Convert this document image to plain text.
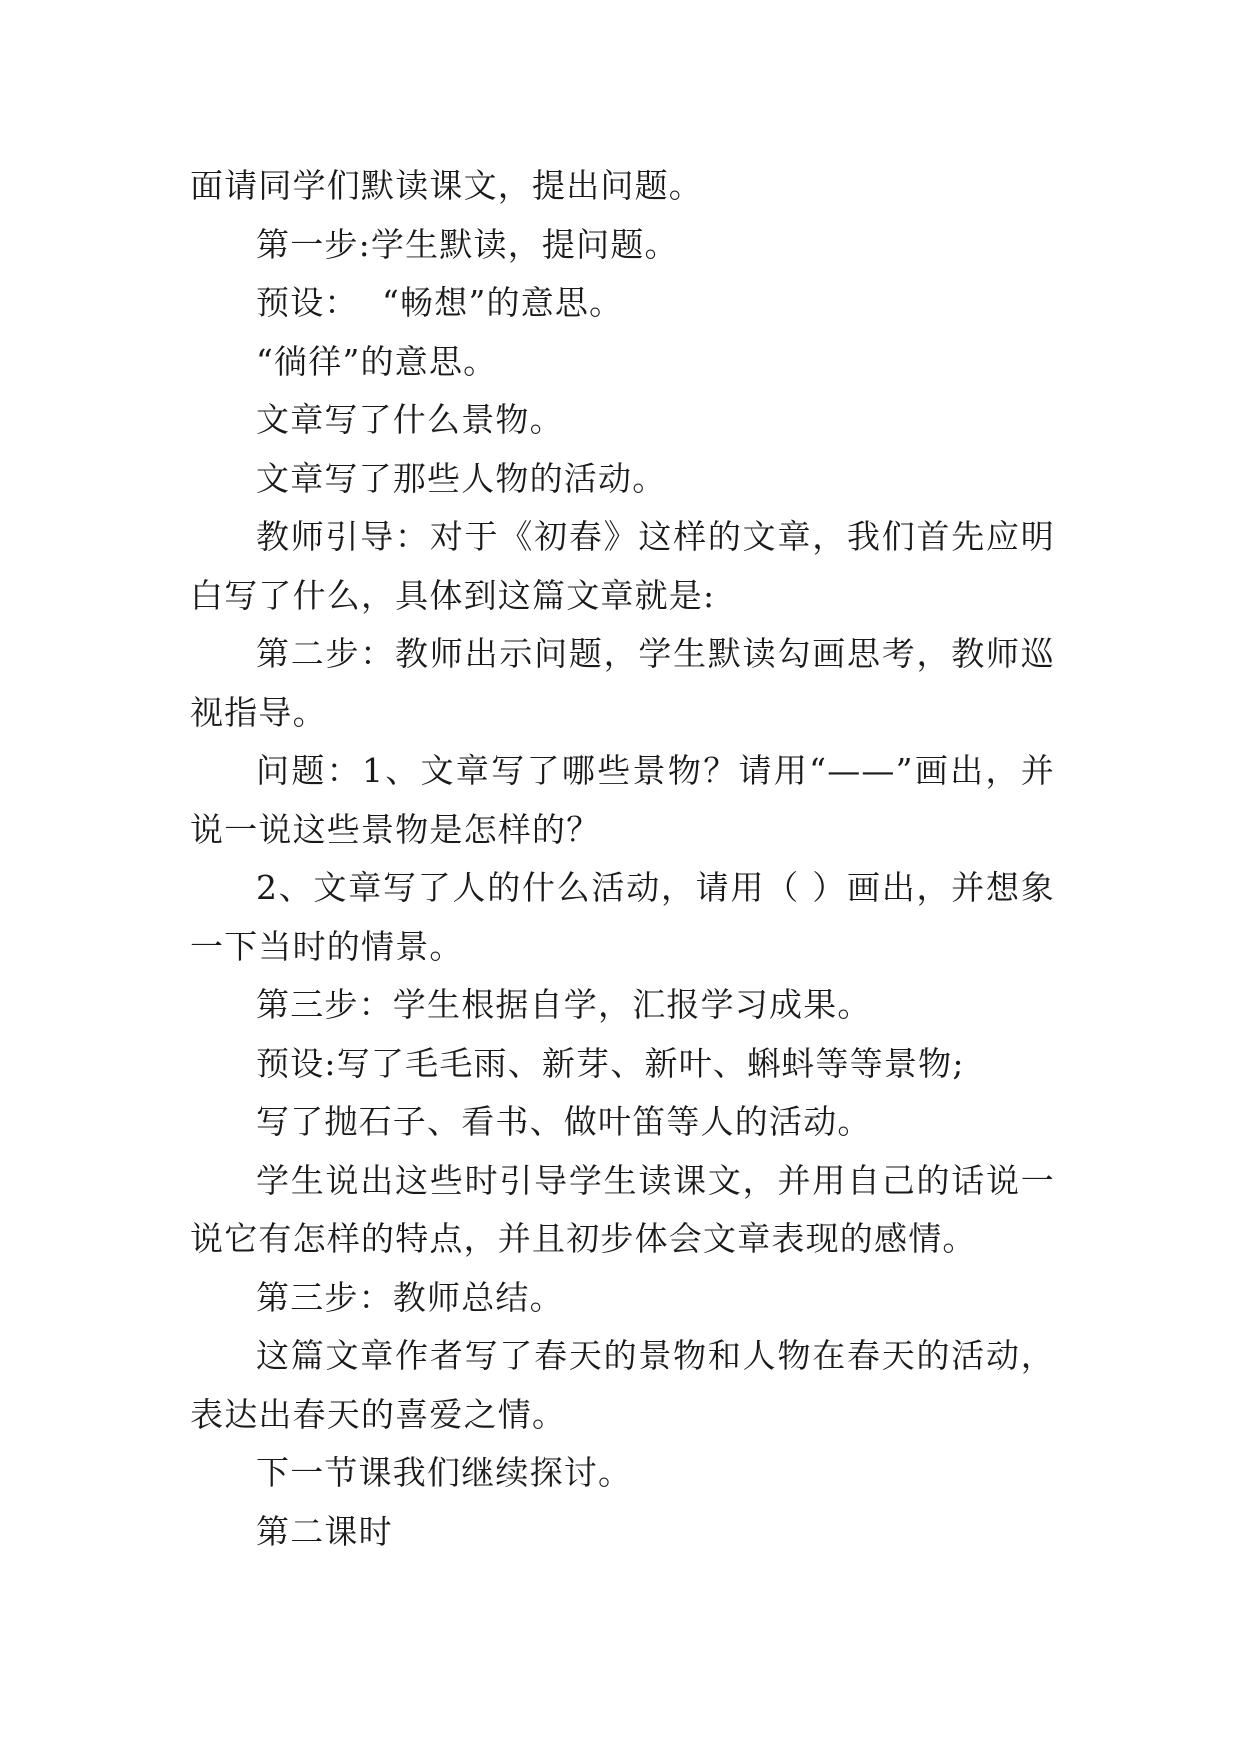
面请同学们默读课文，提出问题。

第一步:学生默读，提问题。

预设：  “畅想”的意思。

“徜徉”的意思。

文章写了什么景物。

文章写了那些人物的活动。

教师引导：对于《初春》这样的文章，我们首先应明白写了什么，具体到这篇文章就是:

第二步：教师出示问题，学生默读勾画思考，教师巡视指导。

问题：1、文章写了哪些景物？请用“——”画出，并说一说这些景物是怎样的？

2、文章写了人的什么活动，请用（ ）画出，并想象一下当时的情景。

第三步：学生根据自学，汇报学习成果。

预设:写了毛毛雨、新芽、新叶、蝌蚪等等景物;

写了抛石子、看书、做叶笛等人的活动。

学生说出这些时引导学生读课文，并用自己的话说一说它有怎样的特点，并且初步体会文章表现的感情。

第三步：教师总结。

这篇文章作者写了春天的景物和人物在春天的活动，表达出春天的喜爱之情。

下一节课我们继续探讨。

第二课时
